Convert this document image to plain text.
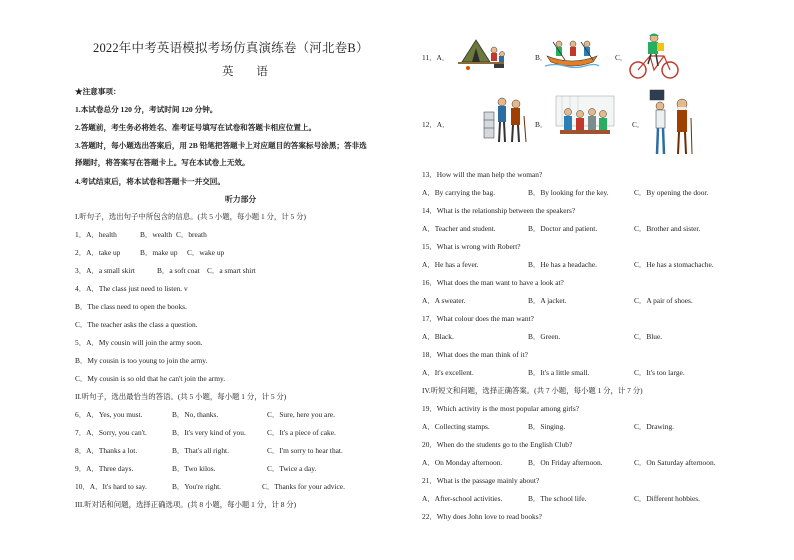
2022年中考英语模拟考场仿真演练卷（河北卷B）
英 语
★注意事项：
1.本试卷总分 120 分，考试时间 120 分钟。
2.答题前，考生务必将姓名、准考证号填写在试卷和答题卡相应位置上。
3.答题时，每小题选出答案后，用 2B 铅笔把答题卡上对应题目的答案标号涂黑；答非选
择题时，将答案写在答题卡上。写在本试卷上无效。
4.考试结束后，将本试卷和答题卡一并交回。
听力部分
I.听句子，选出句子中所包含的信息。(共 5 小题，每小题 1 分，计 5 分)
1．A．health	B．wealth C．breath
2．A．take up	B．make up C．wake up
3．A．a small skirt	B．a soft coat C．a smart shirt
4．A．The class just need to listen. v
B．The class need to open the books.
C．The teacher asks the class a question.
5．A．My cousin will join the army soon.
B．My cousin is too young to join the army.
C．My cousin is so old that he can't join the army.
II.听句子，选出最恰当的答语。(共 5 小题，每小题 1 分，计 5 分)
6．A．Yes, you must.	B．No, thanks.	C．Sure, here you are.
7．A．Sorry, you can't.	B．It's very kind of you.	C．It's a piece of cake.
8．A．Thanks a lot.	B．That's all right.	C．I'm sorry to hear that.
9．A．Three days.	B．Two kilos.	C．Twice a day.
10．A．It's hard to say.	B．You're right.	C．Thanks for your advice.
III.听对话和问题，选择正确选项。(共 8 小题，每小题 1 分，计 8 分)
11．A．	B．	C．
12．A．	B．	C．
13．How will the man help the woman?
A．By carrying the bag.	B．By looking for the key.	C．By opening the door.
14．What is the relationship between the speakers?
A．Teacher and student.	B．Doctor and patient.	C．Brother and sister.
15．What is wrong with Robert?
A．He has a fever.	B．He has a headache.	C．He has a stomachache.
16．What does the man want to have a look at?
A．A sweater.	B．A jacket.	C．A pair of shoes.
17．What colour does the man want?
A．Black.	B．Green.	C．Blue.
18．What does the man think of it?
A．It's excellent.	B．It's a little small.	C．It's too large.
IV.听短文和问题，选择正确答案。(共 7 小题，每小题 1 分，计 7 分)
19．Which activity is the most popular among girls?
A．Collecting stamps.	B．Singing.	C．Drawing.
20．When do the students go to the English Club?
A．On Monday afternoon.	B．On Friday afternoon.	C．On Saturday afternoon.
21．What is the passage mainly about?
A．After-school activities.	B．The school life.	C．Different hobbies.
22．Why does John love to read books?
